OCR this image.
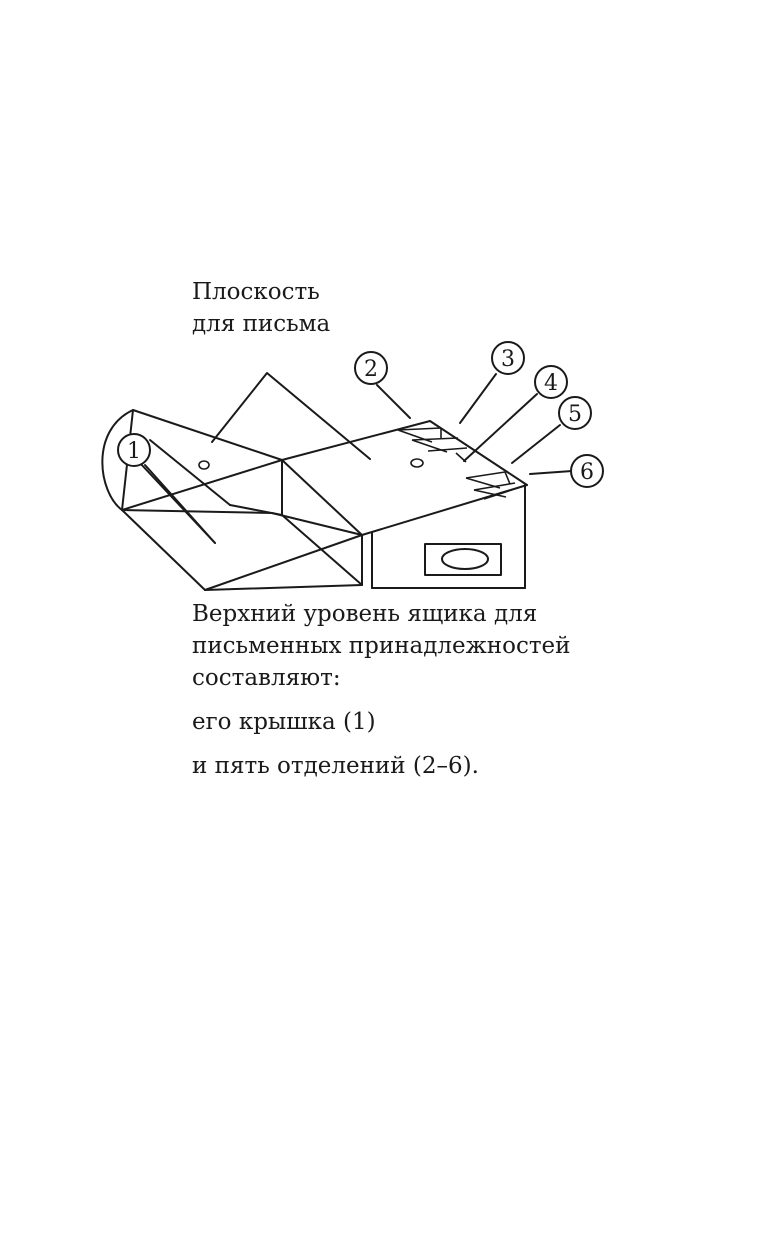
Плоскость
для письма
1
2	3
4
5
6

Верхний уровень ящика для

письменных принадлежностей

составляют:

его крышка (1)

и пять отделений (2–6).
